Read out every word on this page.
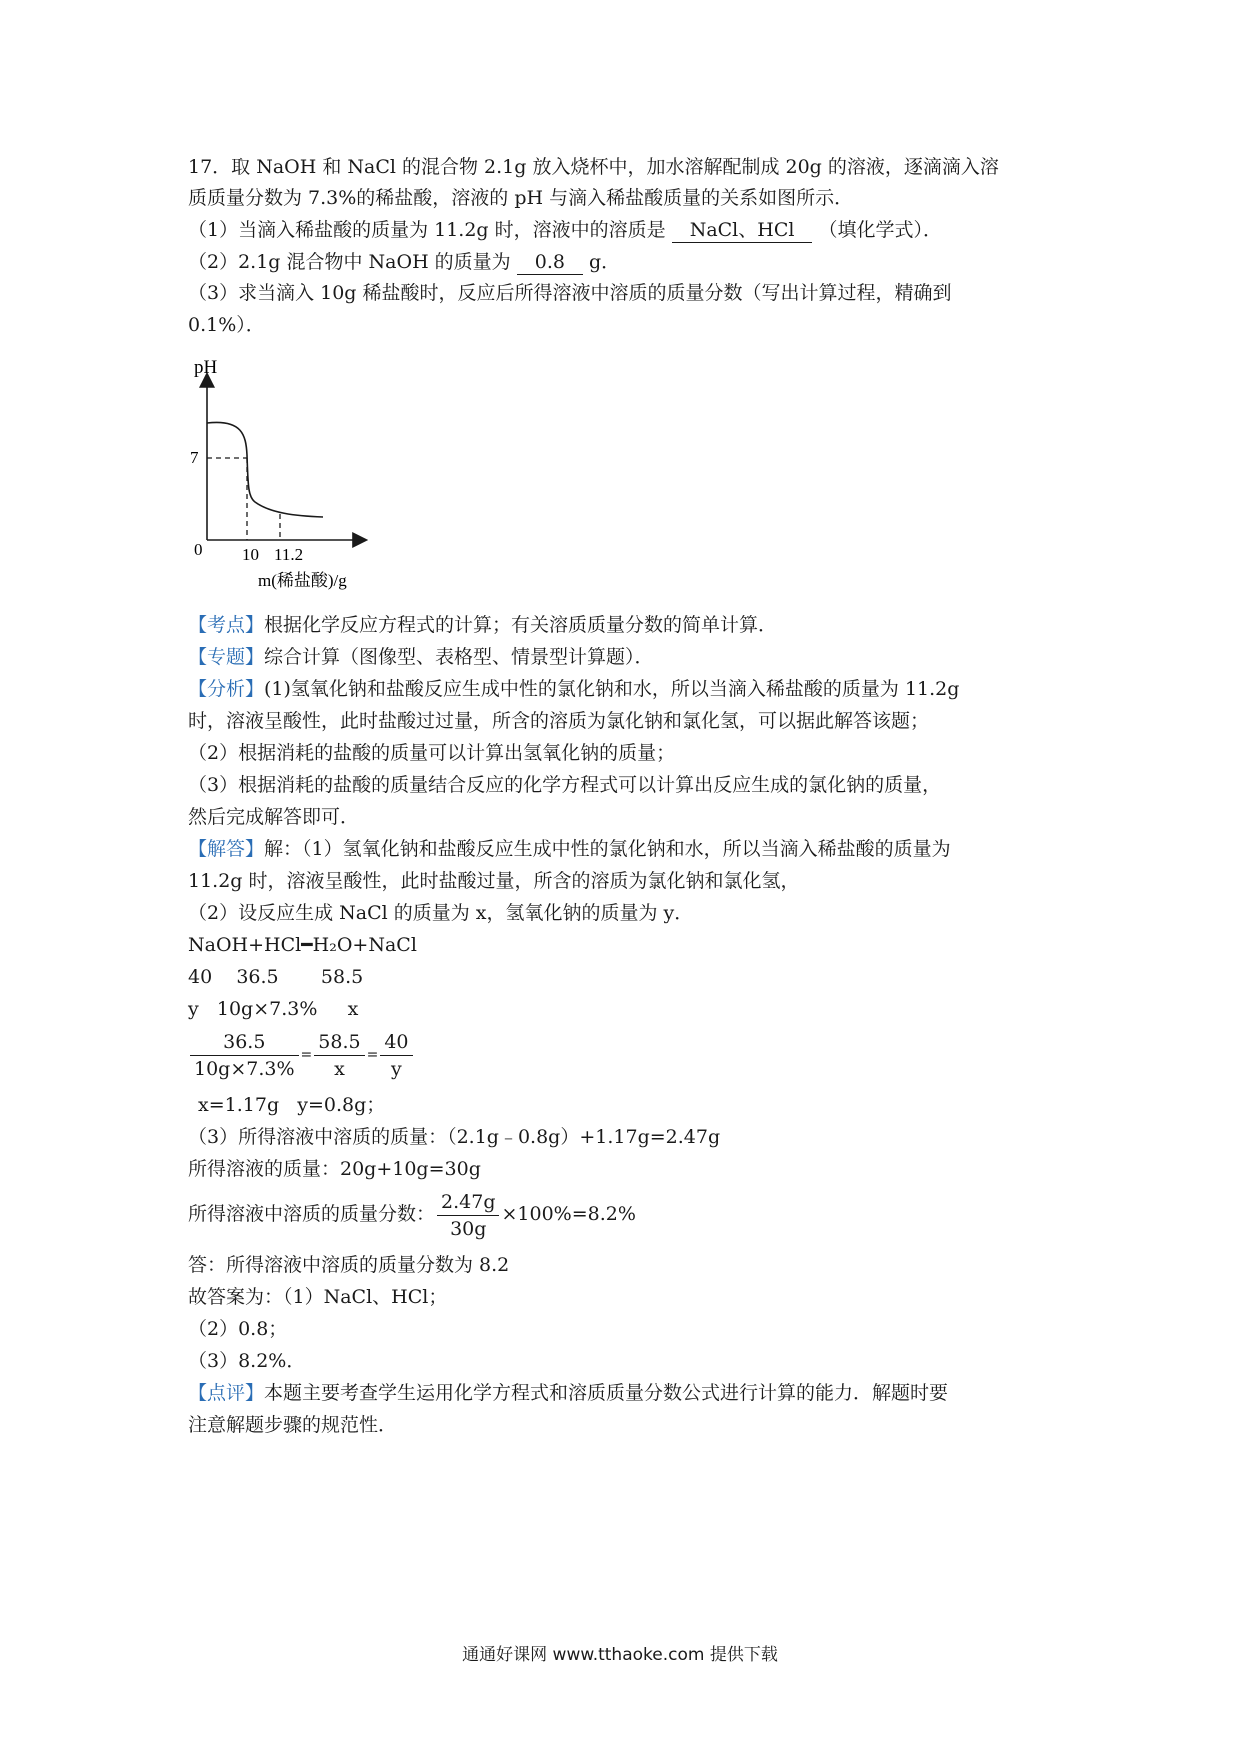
17．取 NaOH 和 NaCl 的混合物 2.1g 放入烧杯中，加水溶解配制成 20g 的溶液，逐滴滴入溶
质质量分数为 7.3%的稀盐酸，溶液的 pH 与滴入稀盐酸质量的关系如图所示．
（1）当滴入稀盐酸的质量为 11.2g 时，溶液中的溶质是 NaCl、HCl （填化学式）．
（2）2.1g 混合物中 NaOH 的质量为 0.8 g．
（3）求当滴入 10g 稀盐酸时，反应后所得溶液中溶质的质量分数（写出计算过程，精确到
0.1%）．
pH
7
0 10 11.2
m(稀盐酸)/g
【考点】根据化学反应方程式的计算；有关溶质质量分数的简单计算．
【专题】综合计算（图像型、表格型、情景型计算题）．
【分析】(1)氢氧化钠和盐酸反应生成中性的氯化钠和水，所以当滴入稀盐酸的质量为 11.2g
时，溶液呈酸性，此时盐酸过过量，所含的溶质为氯化钠和氯化氢，可以据此解答该题；
（2）根据消耗的盐酸的质量可以计算出氢氧化钠的质量；
（3）根据消耗的盐酸的质量结合反应的化学方程式可以计算出反应生成的氯化钠的质量，
然后完成解答即可．
【解答】解：（1）氢氧化钠和盐酸反应生成中性的氯化钠和水，所以当滴入稀盐酸的质量为
11.2g 时，溶液呈酸性，此时盐酸过量，所含的溶质为氯化钠和氯化氢，
（2）设反应生成 NaCl 的质量为 x，氢氧化钠的质量为 y．
NaOH+HCl━H₂O+NaCl
40    36.5       58.5
y   10g×7.3%     x
$\frac{36.5}{10g\times 7.3\%} = \frac{58.5}{x} = \frac{40}{y}$
x=1.17g   y=0.8g；
（3）所得溶液中溶质的质量：（2.1g﹣0.8g）+1.17g=2.47g
所得溶液的质量：20g+10g=30g
所得溶液中溶质的质量分数： $\frac{2.47g}{30g} \times 100\%=8.2\%$
答：所得溶液中溶质的质量分数为 8.2
故答案为：（1）NaCl、HCl；
（2）0.8；
（3）8.2%．
【点评】本题主要考查学生运用化学方程式和溶质质量分数公式进行计算的能力．解题时要
注意解题步骤的规范性．
通通好课网 www.tthaoke.com 提供下载
